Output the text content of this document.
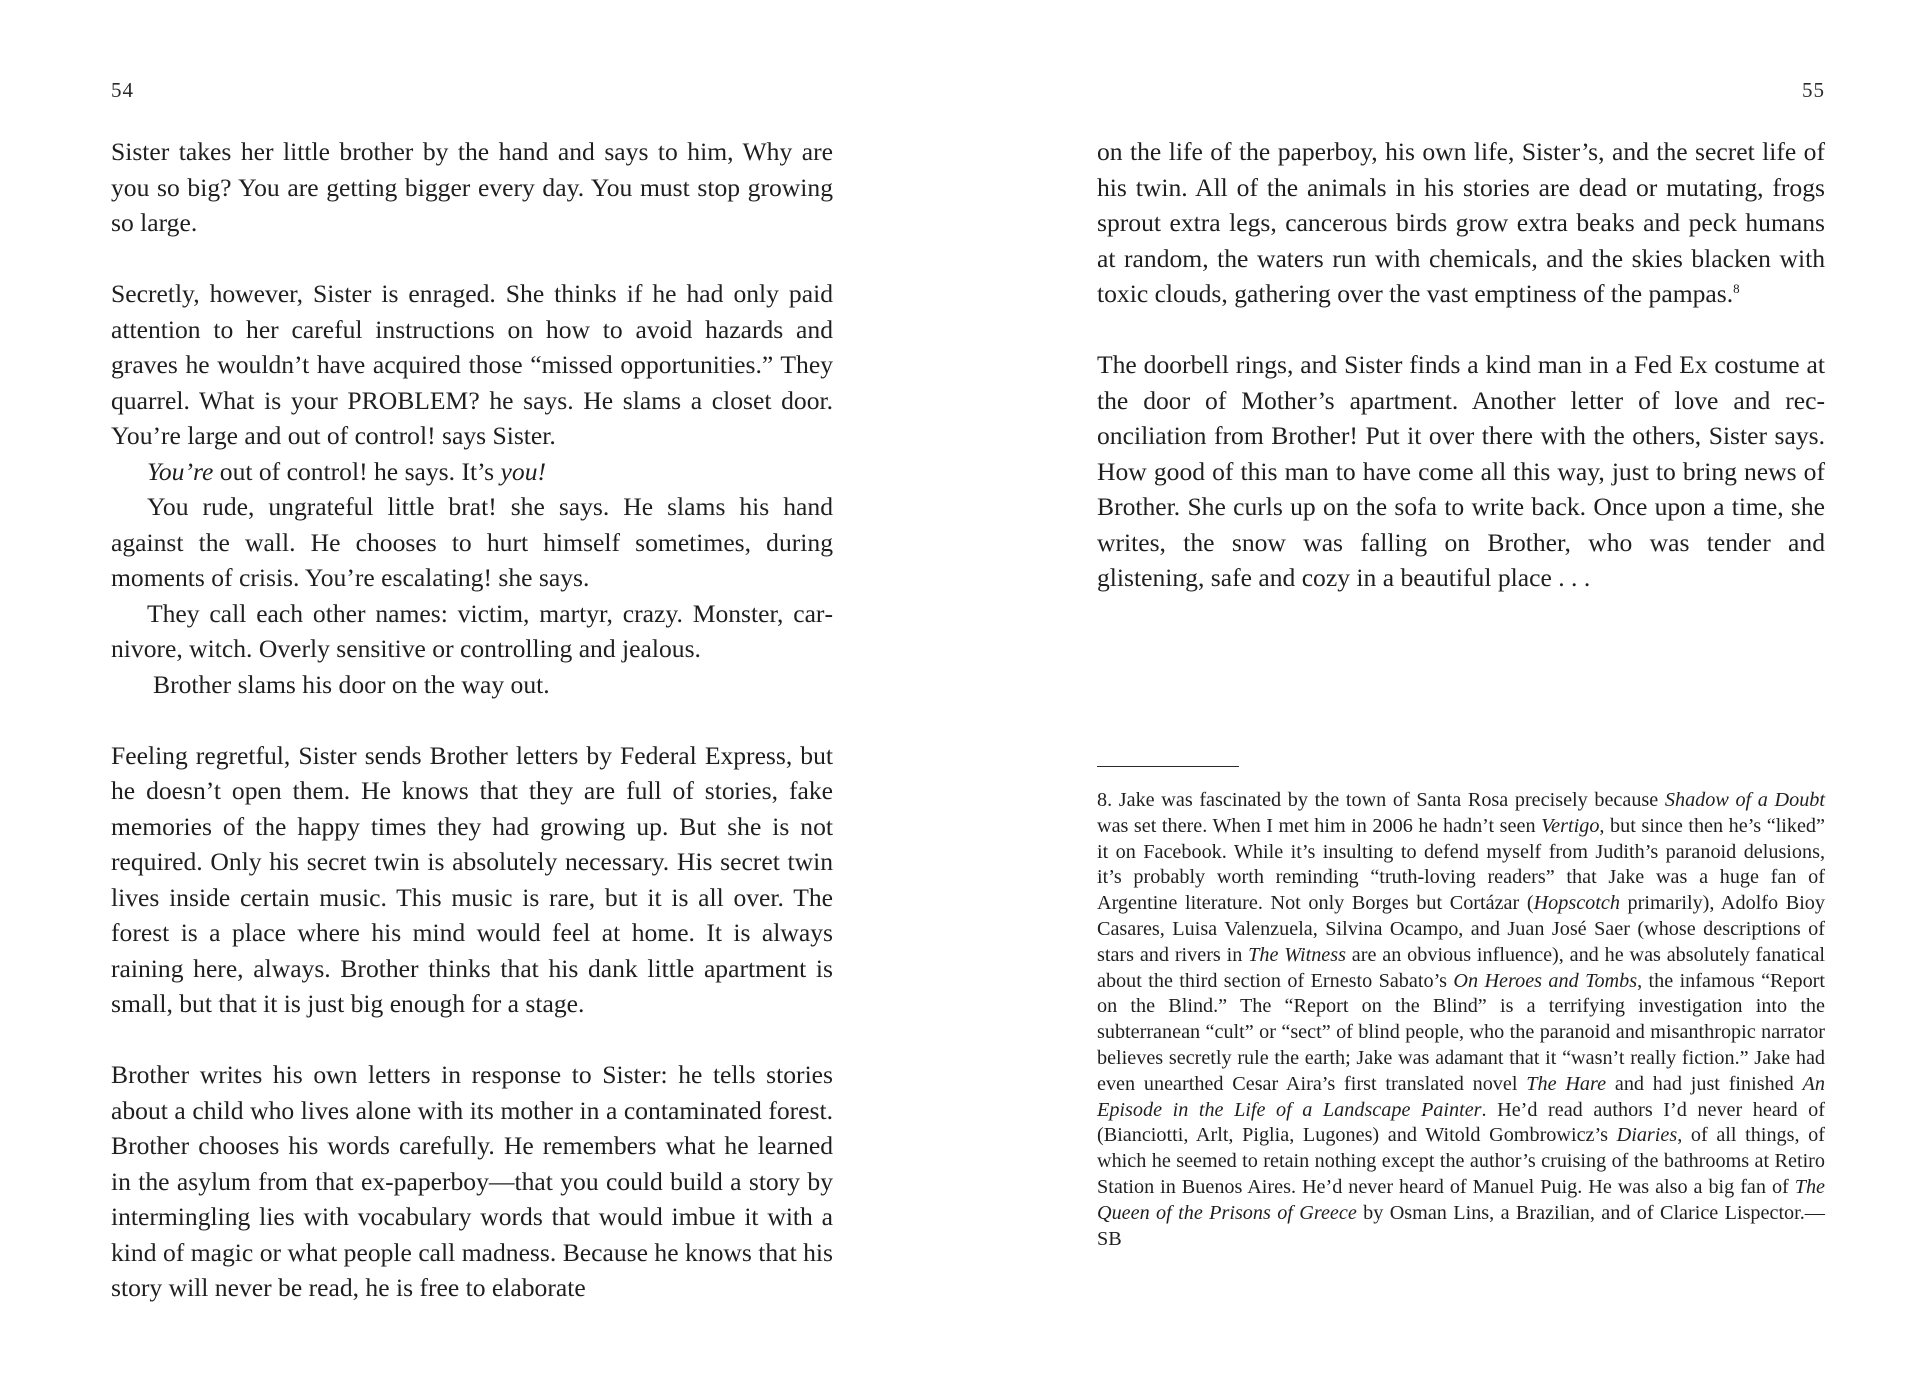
54

Sister takes her little brother by the hand and says to him, Why are you so big? You are getting bigger every day. You must stop growing so large.

Secretly, however, Sister is enraged. She thinks if he had only paid attention to her careful instructions on how to avoid hazards and graves he wouldn’t have acquired those “missed opportunities.” They quarrel. What is your PROBLEM? he says. He slams a closet door. You’re large and out of control! says Sister.

You’re out of control! he says. It’s you!

You rude, ungrateful little brat! she says. He slams his hand against the wall. He chooses to hurt himself sometimes, during moments of crisis. You’re escalating! she says.

They call each other names: victim, martyr, crazy. Monster, carnivore, witch. Overly sensitive or controlling and jealous.

Brother slams his door on the way out.

Feeling regretful, Sister sends Brother letters by Federal Express, but he doesn’t open them. He knows that they are full of stories, fake memories of the happy times they had growing up. But she is not required. Only his secret twin is absolutely necessary. His secret twin lives inside certain music. This music is rare, but it is all over. The forest is a place where his mind would feel at home. It is always raining here, always. Brother thinks that his dank little apartment is small, but that it is just big enough for a stage.

Brother writes his own letters in response to Sister: he tells stories about a child who lives alone with its mother in a contaminated forest. Brother chooses his words carefully. He remembers what he learned in the asylum from that ex-paperboy—that you could build a story by intermingling lies with vocabulary words that would imbue it with a kind of magic or what people call madness. Because he knows that his story will never be read, he is free to elaborate

55

on the life of the paperboy, his own life, Sister’s, and the secret life of his twin. All of the animals in his stories are dead or mutating, frogs sprout extra legs, cancerous birds grow extra beaks and peck humans at random, the waters run with chemicals, and the skies blacken with toxic clouds, gathering over the vast emptiness of the pampas.$^8$

The doorbell rings, and Sister finds a kind man in a Fed Ex costume at the door of Mother’s apartment. Another letter of love and reconciliation from Brother! Put it over there with the others, Sister says. How good of this man to have come all this way, just to bring news of Brother. She curls up on the sofa to write back. Once upon a time, she writes, the snow was falling on Brother, who was tender and glistening, safe and cozy in a beautiful place . . .

8. Jake was fascinated by the town of Santa Rosa precisely because Shadow of a Doubt was set there. When I met him in 2006 he hadn’t seen Vertigo, but since then he’s “liked” it on Facebook. While it’s insulting to defend myself from Judith’s paranoid delusions, it’s probably worth reminding “truth-loving readers” that Jake was a huge fan of Argentine literature. Not only Borges but Cortázar (Hopscotch primarily), Adolfo Bioy Casares, Luisa Valenzuela, Silvina Ocampo, and Juan José Saer (whose descriptions of stars and rivers in The Witness are an obvious influence), and he was absolutely fanatical about the third section of Ernesto Sabato’s On Heroes and Tombs, the infamous “Report on the Blind.” The “Report on the Blind” is a terrifying investigation into the subterranean “cult” or “sect” of blind people, who the paranoid and misanthropic narrator believes secretly rule the earth; Jake was adamant that it “wasn’t really fiction.” Jake had even unearthed Cesar Aira’s first translated novel The Hare and had just finished An Episode in the Life of a Landscape Painter. He’d read authors I’d never heard of (Bianciotti, Arlt, Piglia, Lugones) and Witold Gombrowicz’s Diaries, of all things, of which he seemed to retain nothing except the author’s cruising of the bathrooms at Retiro Station in Buenos Aires. He’d never heard of Manuel Puig. He was also a big fan of The Queen of the Prisons of Greece by Osman Lins, a Brazilian, and of Clarice Lispector.—SB
